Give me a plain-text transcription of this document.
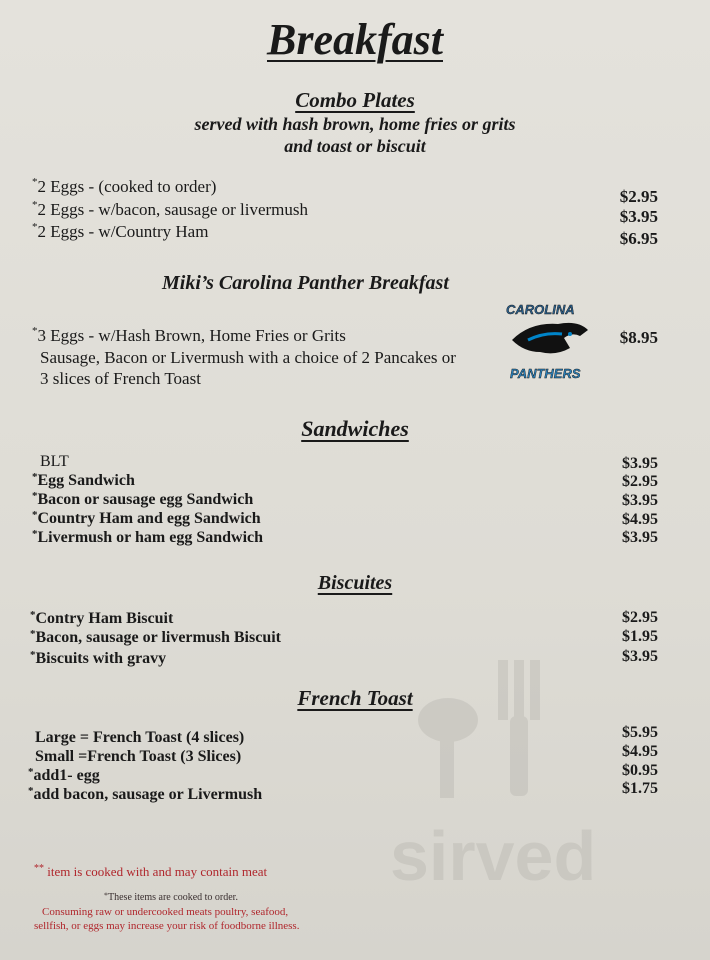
Breakfast
Combo Plates
served with hash brown, home fries or grits
and toast or biscuit
*2 Eggs - (cooked to order)
$2.95
*2 Eggs - w/bacon, sausage or livermush	$3.95
*2 Eggs - w/Country Ham	$6.95
Miki’s Carolina Panther Breakfast
*3 Eggs - w/Hash Brown, Home Fries or Grits
Sausage, Bacon or Livermush with a choice of 2 Pancakes or
3 slices of French Toast
$8.95
CAROLINA
PANTHERS
Sandwiches
BLT	$3.95
*Egg Sandwich	$2.95
*Bacon or sausage egg Sandwich	$3.95
*Country Ham and egg Sandwich	$4.95
*Livermush or ham egg Sandwich	$3.95
Biscuites
*Contry Ham Biscuit	$2.95
*Bacon, sausage or livermush Biscuit	$1.95
*Biscuits with gravy	$3.95
sirved
French Toast
Large = French Toast (4 slices)	$5.95
Small =French Toast (3 Slices)	$4.95
*add1- egg	$0.95
*add bacon, sausage or Livermush	$1.75
** item is cooked with and may contain meat
*These items are cooked to order.
Consuming raw or undercooked meats poultry, seafood,
sellfish, or eggs may increase your risk of foodborne illness.
